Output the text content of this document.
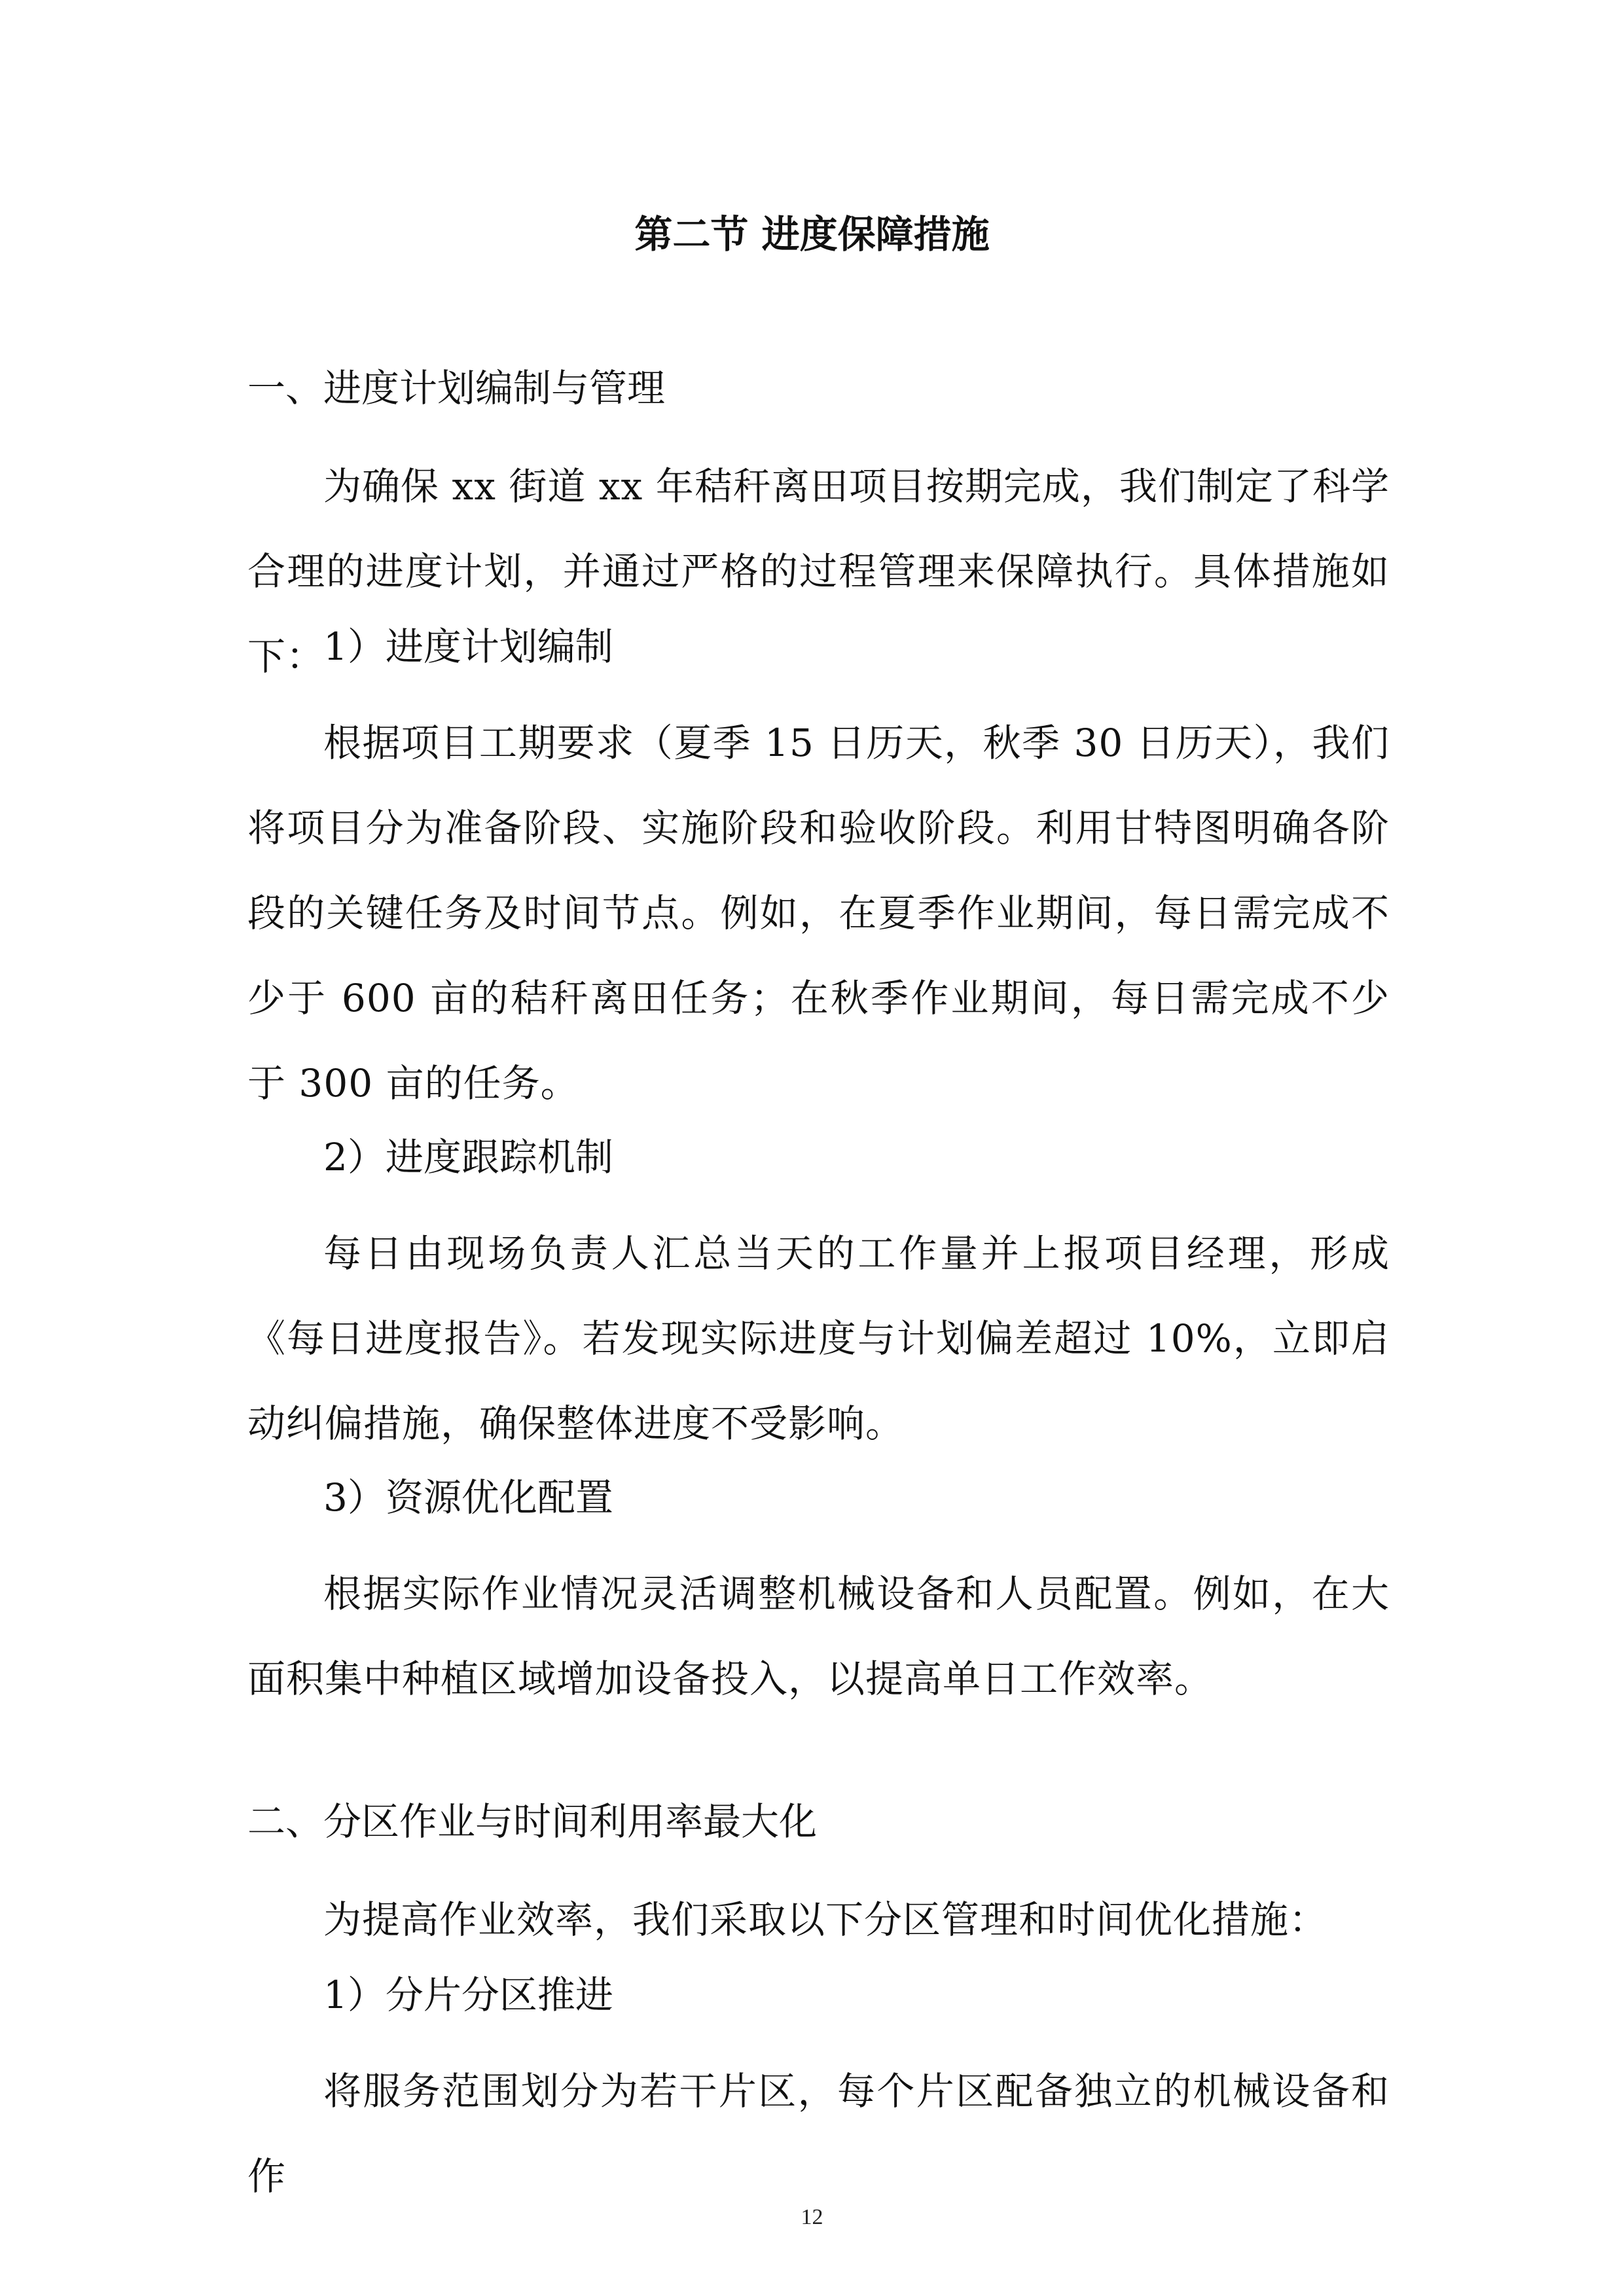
第二节 进度保障措施
一、进度计划编制与管理
为确保 xx 街道 xx 年秸秆离田项目按期完成，我们制定了科学合理的进度计划，并通过严格的过程管理来保障执行。具体措施如下：
1）进度计划编制
根据项目工期要求（夏季 15 日历天，秋季 30 日历天），我们将项目分为准备阶段、实施阶段和验收阶段。利用甘特图明确各阶段的关键任务及时间节点。例如，在夏季作业期间，每日需完成不少于 600 亩的秸秆离田任务；在秋季作业期间，每日需完成不少于 300 亩的任务。
2）进度跟踪机制
每日由现场负责人汇总当天的工作量并上报项目经理，形成《每日进度报告》。若发现实际进度与计划偏差超过 10%，立即启动纠偏措施，确保整体进度不受影响。
3）资源优化配置
根据实际作业情况灵活调整机械设备和人员配置。例如，在大面积集中种植区域增加设备投入，以提高单日工作效率。
二、分区作业与时间利用率最大化
为提高作业效率，我们采取以下分区管理和时间优化措施：
1）分片分区推进
将服务范围划分为若干片区，每个片区配备独立的机械设备和作
12
